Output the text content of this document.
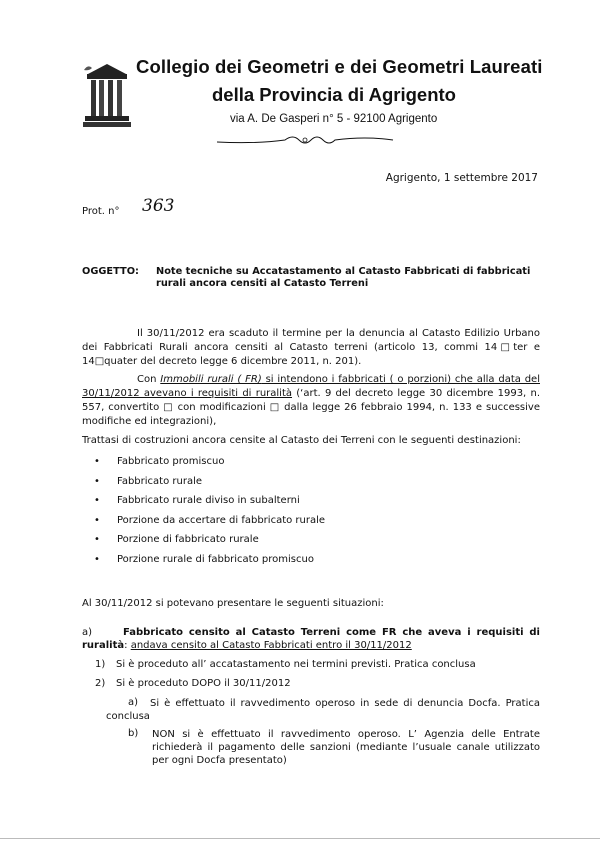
Collegio dei Geometri e dei Geometri Laureati
della Provincia di Agrigento
via A. De Gasperi n° 5 - 92100 Agrigento
Agrigento, 1 settembre 2017
Prot. n° 363
OGGETTO: Note tecniche su Accatastamento al Catasto Fabbricati di fabbricati rurali ancora censiti al Catasto Terreni
Il 30/11/2012 era scaduto il termine per la denuncia al Catasto Edilizio Urbano dei Fabbricati Rurali ancora censiti al Catasto terreni (articolo 13, commi 14□ter e 14□quater del decreto legge 6 dicembre 2011, n. 201).
Con Immobili rurali ( FR) si intendono i fabbricati ( o porzioni) che alla data del 30/11/2012 avevano i requisiti di ruralità (‘art. 9 del decreto legge 30 dicembre 1993, n. 557, convertito □ con modificazioni □ dalla legge 26 febbraio 1994, n. 133 e successive modifiche ed integrazioni),
Trattasi di costruzioni ancora censite al Catasto dei Terreni con le seguenti destinazioni:
• Fabbricato promiscuo
• Fabbricato rurale
• Fabbricato rurale diviso in subalterni
• Porzione da accertare di fabbricato rurale
• Porzione di fabbricato rurale
• Porzione rurale di fabbricato promiscuo
Al 30/11/2012 si potevano presentare le seguenti situazioni:
a)	Fabbricato censito al Catasto Terreni come FR che aveva i requisiti di ruralità: andava censito al Catasto Fabbricati entro il 30/11/2012
1) Si è proceduto all’ accatastamento nei termini previsti. Pratica conclusa
2) Si è proceduto DOPO il 30/11/2012
a)	Si è effettuato il ravvedimento operoso in sede di denuncia Docfa. Pratica conclusa
b) NON si è effettuato il ravvedimento operoso. L’ Agenzia delle Entrate richiederà il pagamento delle sanzioni (mediante l’usuale canale utilizzato per ogni Docfa presentato)
